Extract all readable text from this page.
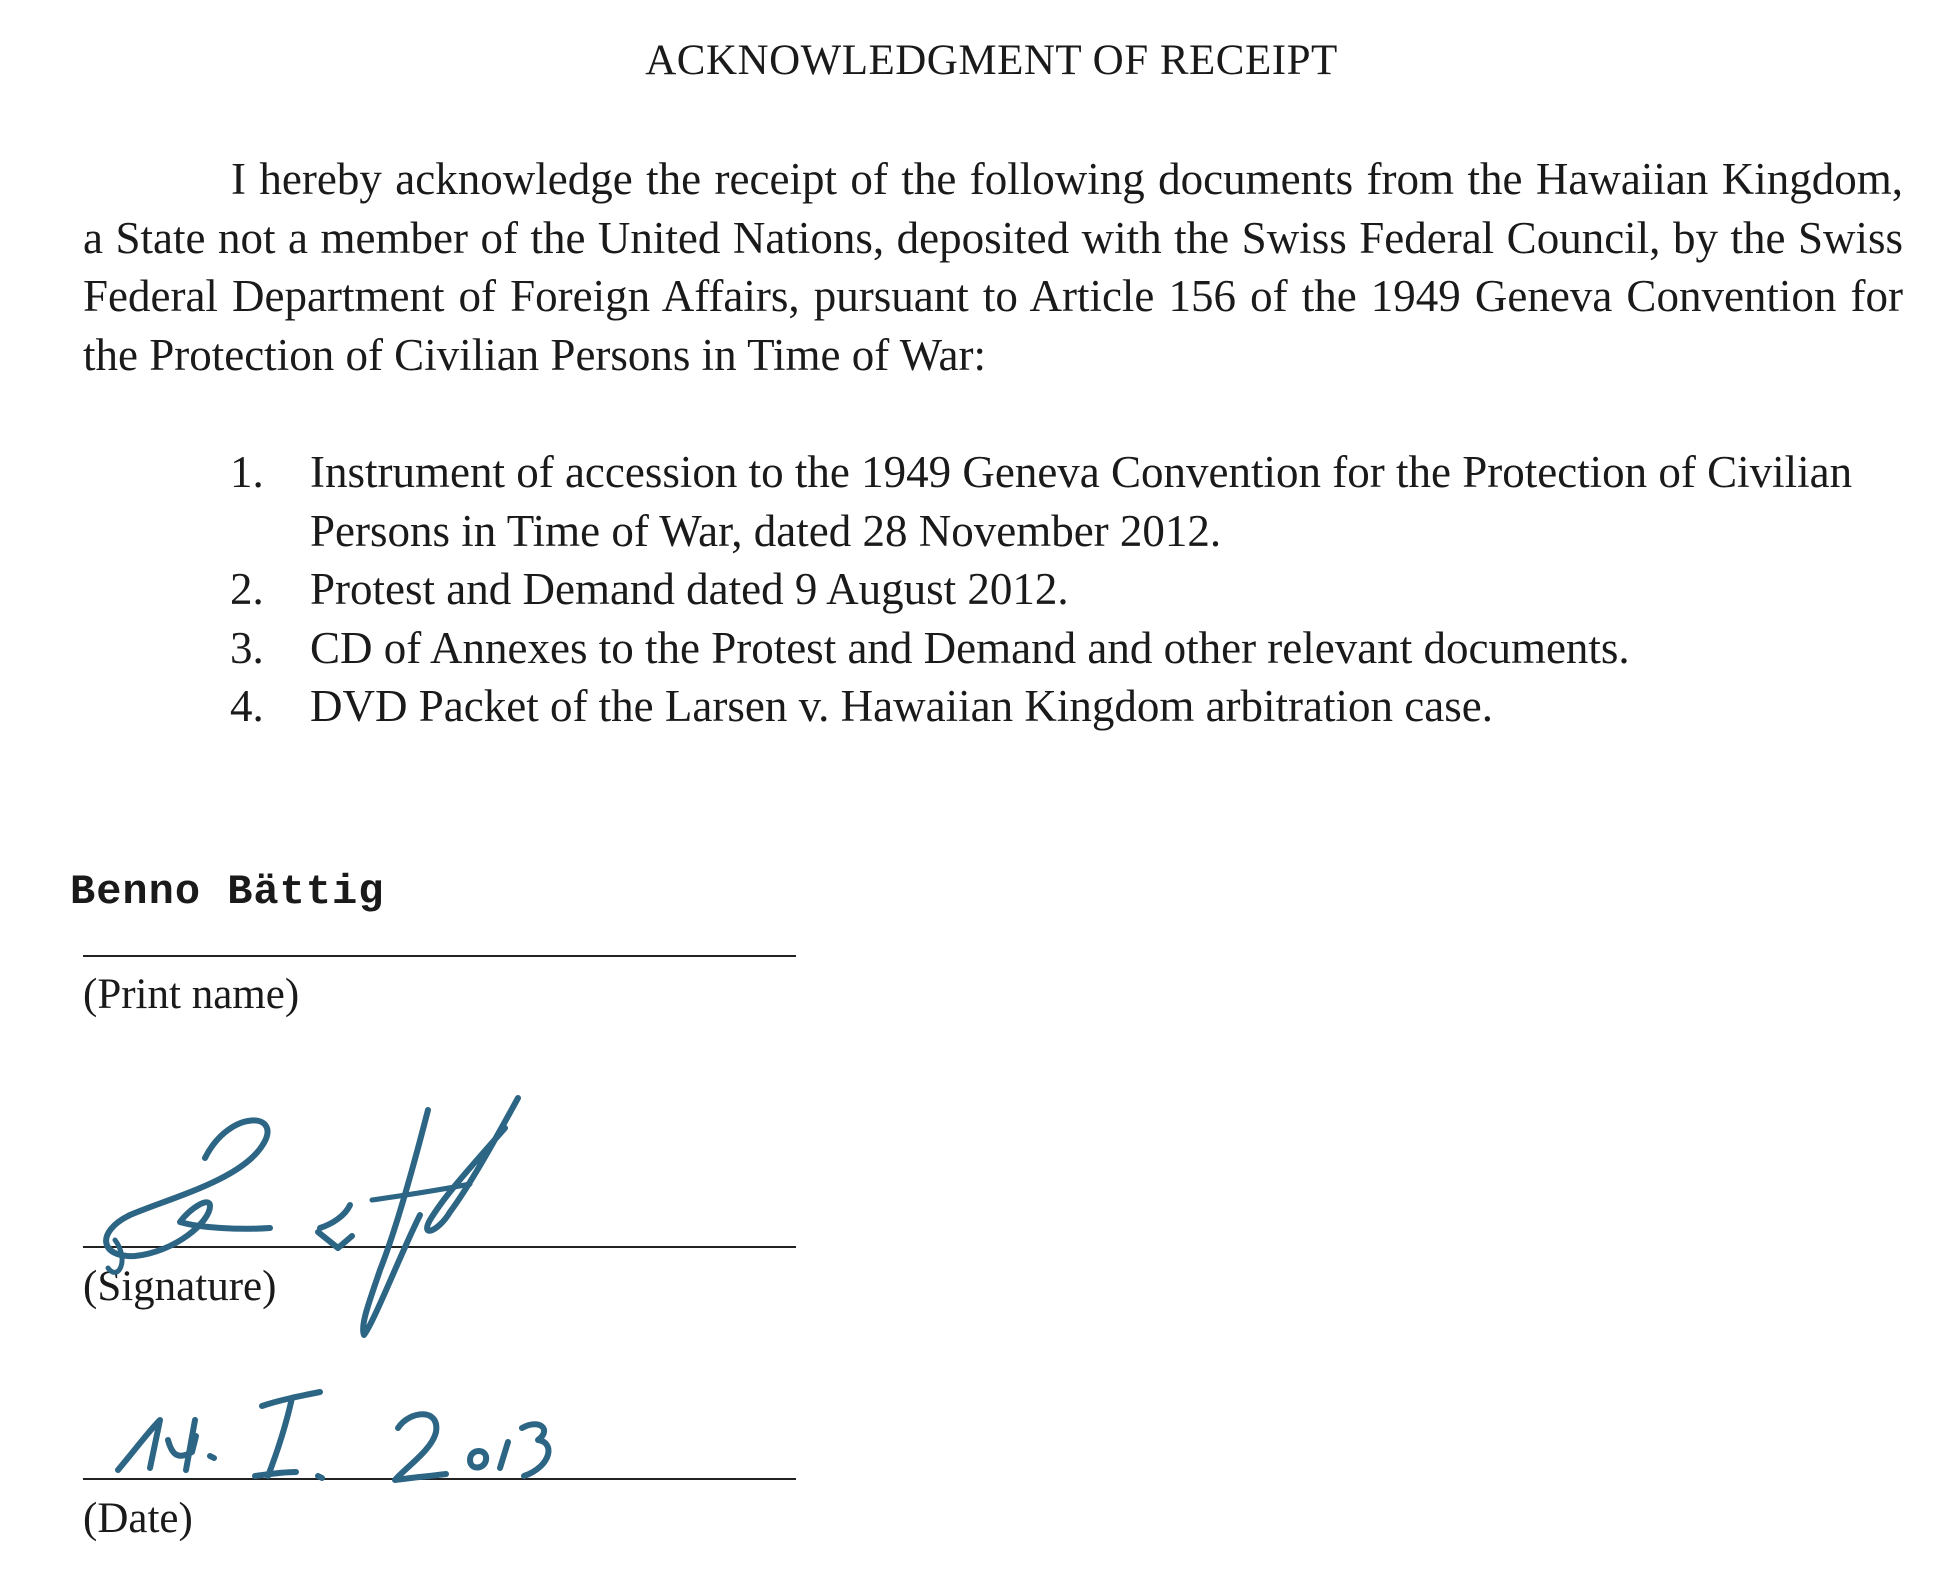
ACKNOWLEDGMENT OF RECEIPT

I hereby acknowledge the receipt of the following documents from the Hawaiian Kingdom, a State not a member of the United Nations, deposited with the Swiss Federal Council, by the Swiss Federal Department of Foreign Affairs, pursuant to Article 156 of the 1949 Geneva Convention for the Protection of Civilian Persons in Time of War:

1. Instrument of accession to the 1949 Geneva Convention for the Protection of Civilian Persons in Time of War, dated 28 November 2012.
2. Protest and Demand dated 9 August 2012.
3. CD of Annexes to the Protest and Demand and other relevant documents.
4. DVD Packet of the Larsen v. Hawaiian Kingdom arbitration case.
Benno Bättig
(Print name)
(Signature)
(Date)
